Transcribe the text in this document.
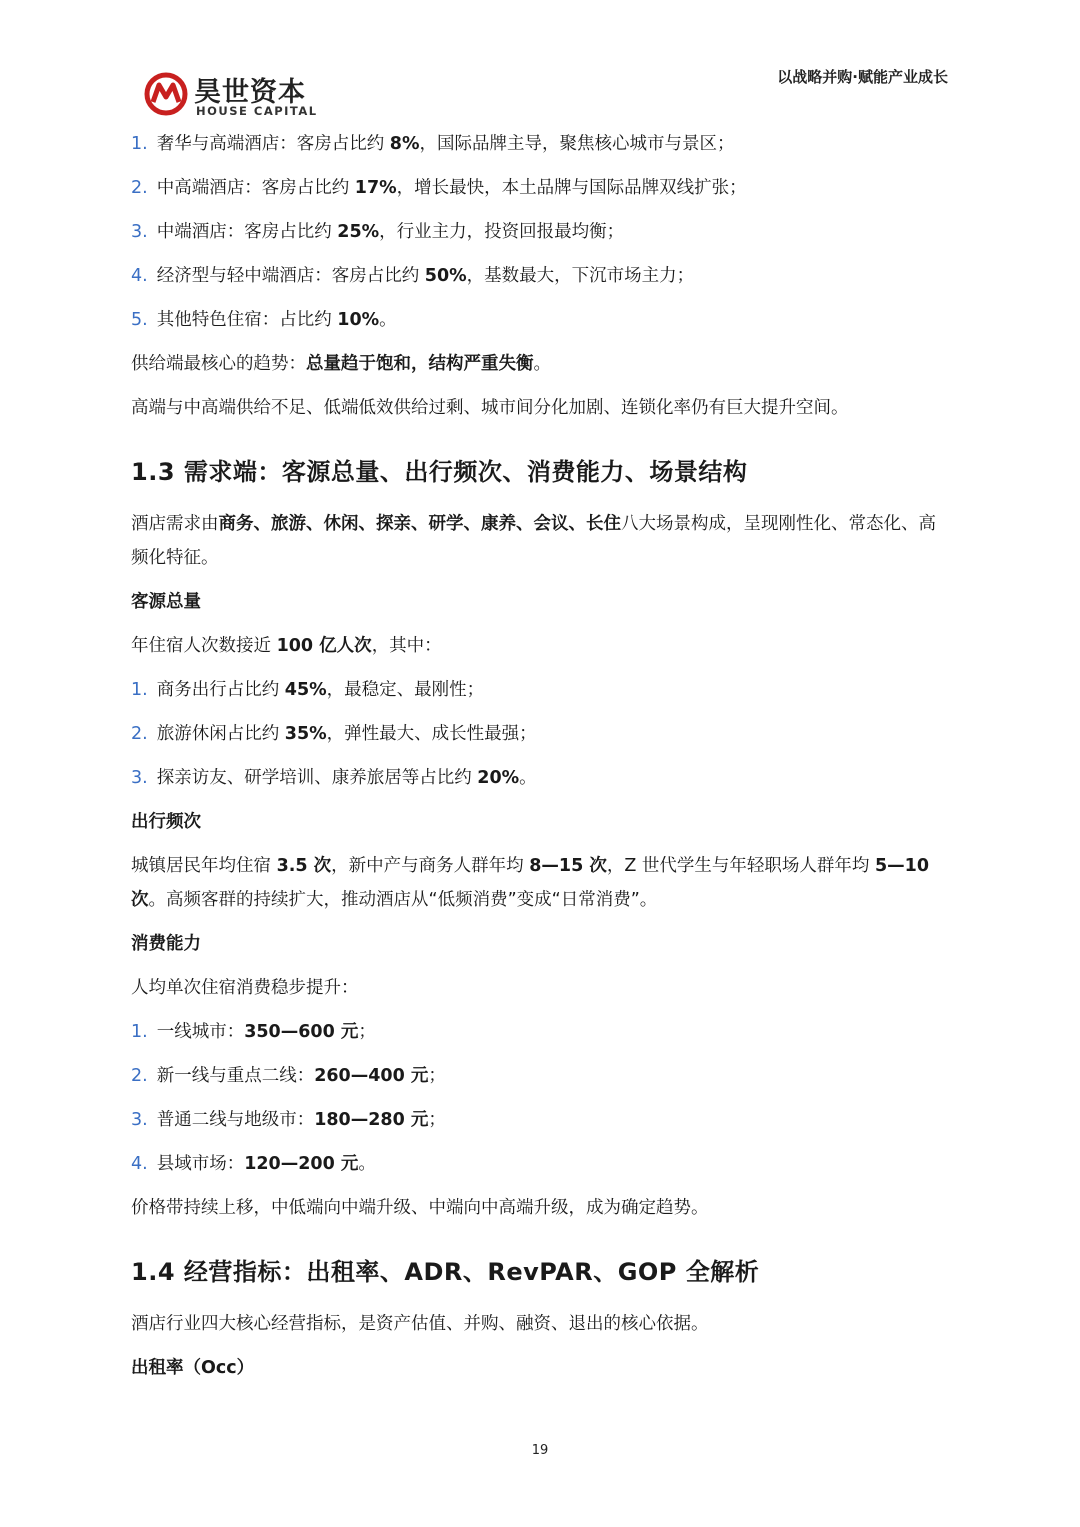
昊世资本
HOUSE CAPITAL
以战略并购·赋能产业成长
1. 奢华与高端酒店：客房占比约 8%，国际品牌主导，聚焦核心城市与景区；
2. 中高端酒店：客房占比约 17%，增长最快，本土品牌与国际品牌双线扩张；
3. 中端酒店：客房占比约 25%，行业主力，投资回报最均衡；
4. 经济型与轻中端酒店：客房占比约 50%，基数最大，下沉市场主力；
5. 其他特色住宿：占比约 10%。
供给端最核心的趋势：总量趋于饱和，结构严重失衡。
高端与中高端供给不足、低端低效供给过剩、城市间分化加剧、连锁化率仍有巨大提升空间。
1.3 需求端：客源总量、出行频次、消费能力、场景结构
酒店需求由商务、旅游、休闲、探亲、研学、康养、会议、长住八大场景构成，呈现刚性化、常态化、高频化特征。
客源总量
年住宿人次数接近 100 亿人次，其中：
1. 商务出行占比约 45%，最稳定、最刚性；
2. 旅游休闲占比约 35%，弹性最大、成长性最强；
3. 探亲访友、研学培训、康养旅居等占比约 20%。
出行频次
城镇居民年均住宿 3.5 次，新中产与商务人群年均 8—15 次，Z 世代学生与年轻职场人群年均 5—10 次。高频客群的持续扩大，推动酒店从“低频消费”变成“日常消费”。
消费能力
人均单次住宿消费稳步提升：
1. 一线城市：350—600 元；
2. 新一线与重点二线：260—400 元；
3. 普通二线与地级市：180—280 元；
4. 县域市场：120—200 元。
价格带持续上移，中低端向中端升级、中端向中高端升级，成为确定趋势。
1.4 经营指标：出租率、ADR、RevPAR、GOP 全解析
酒店行业四大核心经营指标，是资产估值、并购、融资、退出的核心依据。
出租率（Occ）
19
